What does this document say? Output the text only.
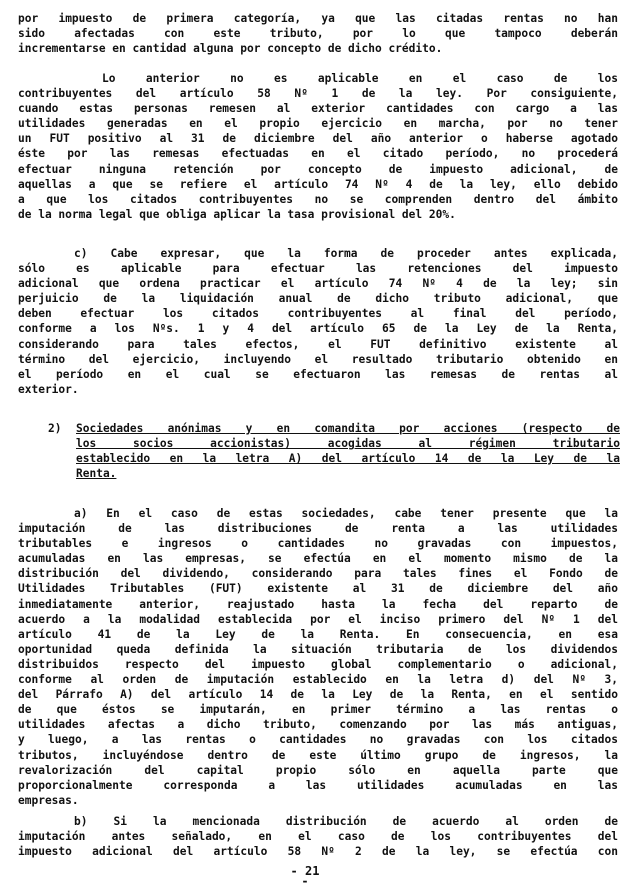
por impuesto de primera categoría, ya que las citadas rentas no han
sido afectadas con este tributo, por lo que tampoco deberán
incrementarse en cantidad alguna por concepto de dicho crédito.
Lo anterior no es aplicable en el caso de los
contribuyentes del artículo 58 Nº 1 de la ley. Por consiguiente,
cuando estas personas remesen al exterior cantidades con cargo a las
utilidades generadas en el propio ejercicio en marcha, por no tener
un FUT positivo al 31 de diciembre del año anterior o haberse agotado
éste por las remesas efectuadas en el citado período, no procederá
efectuar ninguna retención por concepto de impuesto adicional, de
aquellas a que se refiere el artículo 74 Nº 4 de la ley, ello debido
a que los citados contribuyentes no se comprenden dentro del ámbito
de la norma legal que obliga aplicar la tasa provisional del 20%.
c) Cabe expresar, que la forma de proceder antes explicada,
sólo es aplicable para efectuar las retenciones del impuesto
adicional que ordena practicar el artículo 74 Nº 4 de la ley; sin
perjuicio de la liquidación anual de dicho tributo adicional, que
deben efectuar los citados contribuyentes al final del período,
conforme a los Nºs. 1 y 4 del artículo 65 de la Ley de la Renta,
considerando para tales efectos, el FUT definitivo existente al
término del ejercicio, incluyendo el resultado tributario obtenido en
el período en el cual se efectuaron las remesas de rentas al
exterior.
2)	Sociedades anónimas y en comandita por acciones (respecto de
los socios accionistas) acogidas al régimen tributario
establecido en la letra A) del artículo 14 de la Ley de la
Renta.
a) En el caso de estas sociedades, cabe tener presente que la
imputación de las distribuciones de renta a las utilidades
tributables e ingresos o cantidades no gravadas con impuestos,
acumuladas en las empresas, se efectúa en el momento mismo de la
distribución del dividendo, considerando para tales fines el Fondo de
Utilidades Tributables (FUT) existente al 31 de diciembre del año
inmediatamente anterior, reajustado hasta la fecha del reparto de
acuerdo a la modalidad establecida por el inciso primero del Nº 1 del
artículo 41 de la Ley de la Renta. En consecuencia, en esa
oportunidad queda definida la situación tributaria de los dividendos
distribuidos respecto del impuesto global complementario o adicional,
conforme al orden de imputación establecido en la letra d) del Nº 3,
del Párrafo A) del artículo 14 de la Ley de la Renta, en el sentido
de que éstos se imputarán, en primer término a las rentas o
utilidades afectas a dicho tributo, comenzando por las más antiguas,
y luego, a las rentas o cantidades no gravadas con los citados
tributos, incluyéndose dentro de este último grupo de ingresos, la
revalorización del capital propio sólo en aquella parte que
proporcionalmente corresponda a las utilidades acumuladas en las
empresas.
b) Si la mencionada distribución de acuerdo al orden de
imputación antes señalado, en el caso de los contribuyentes del
impuesto adicional del artículo 58 Nº 2 de la ley, se efectúa con
- 21 -
